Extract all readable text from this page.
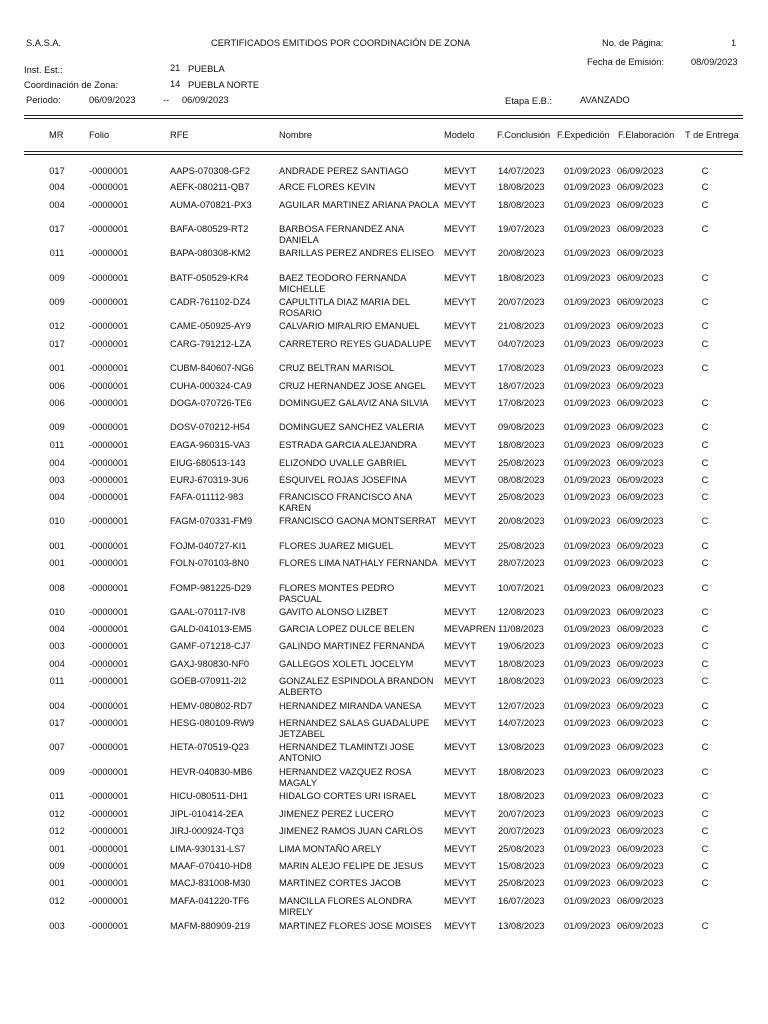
S.A.S.A.	CERTIFICADOS EMITIDOS POR COORDINACIÓN DE ZONA	No. de Página:	1
Fecha de Emisión:	08/09/2023
Inst. Est.:	21 PUEBLA
Coordinación de Zona:	14 PUEBLA NORTE
Periodo:	06/09/2023	-- 06/09/2023	Etapa E.B.:	AVANZADO
MR	Folio	RFE	Nombre	Modelo F.Conclusión F.Expedición F.Elaboración T de Entrega
017	-0000001	AAPS-070308-GF2	ANDRADE PEREZ SANTIAGO	MEVYT 14/07/2023 01/09/2023 06/09/2023	C
004	-0000001	AEFK-080211-QB7	ARCE FLORES KEVIN	MEVYT 18/08/2023 01/09/2023 06/09/2023	C
004	-0000001	AUMA-070821-PX3	AGUILAR MARTINEZ ARIANA PAOLA MEVYT 18/08/2023 01/09/2023 06/09/2023	C
017	-0000001	BAFA-080529-RT2	BARBOSA FERNANDEZ ANA DANIELA
MEVYT 19/07/2023 01/09/2023 06/09/2023	C
011	-0000001	BAPA-080308-KM2	BARILLAS PEREZ ANDRES ELISEO	MEVYT 20/08/2023 01/09/2023 06/09/2023
009	-0000001	BATF-050529-KR4	BAEZ TEODORO FERNANDA MICHELLE
MEVYT 18/08/2023 01/09/2023 06/09/2023	C
009	-0000001	CADR-761102-DZ4	CAPULTITLA DIAZ MARIA DEL ROSARIO
MEVYT 20/07/2023 01/09/2023 06/09/2023	C
012	-0000001	CAME-050925-AY9	CALVARIO MIRALRIO EMANUEL	MEVYT 21/08/2023 01/09/2023 06/09/2023	C
017	-0000001	CARG-791212-LZA	CARRETERO REYES GUADALUPE	MEVYT 04/07/2023 01/09/2023 06/09/2023	C
001	-0000001	CUBM-840607-NG6	CRUZ BELTRAN MARISOL	MEVYT 17/08/2023 01/09/2023 06/09/2023	C
006	-0000001	CUHA-000324-CA9	CRUZ HERNANDEZ JOSE ANGEL	MEVYT 18/07/2023 01/09/2023 06/09/2023
006	-0000001	DOGA-070726-TE6	DOMINGUEZ GALAVIZ ANA SILVIA	MEVYT 17/08/2023 01/09/2023 06/09/2023	C
009	-0000001	DOSV-070212-H54	DOMINGUEZ SANCHEZ VALERIA	MEVYT 09/08/2023 01/09/2023 06/09/2023	C
011	-0000001	EAGA-960315-VA3	ESTRADA GARCIA ALEJANDRA	MEVYT 18/08/2023 01/09/2023 06/09/2023	C
004	-0000001	EIUG-680513-143	ELIZONDO UVALLE GABRIEL	MEVYT 25/08/2023 01/09/2023 06/09/2023	C
003	-0000001	EURJ-670319-3U6	ESQUIVEL ROJAS JOSEFINA	MEVYT 08/08/2023 01/09/2023 06/09/2023	C
004	-0000001	FAFA-011112-983	FRANCISCO FRANCISCO ANA KAREN
MEVYT 25/08/2023 01/09/2023 06/09/2023	C
010	-0000001	FAGM-070331-FM9	FRANCISCO GAONA MONTSERRAT MEVYT 20/08/2023 01/09/2023 06/09/2023	C
001	-0000001	FOJM-040727-KI1	FLORES JUAREZ MIGUEL	MEVYT 25/08/2023 01/09/2023 06/09/2023	C
001	-0000001	FOLN-070103-8N0	FLORES LIMA NATHALY FERNANDA MEVYT 28/07/2023 01/09/2023 06/09/2023	C
008	-0000001	FOMP-981225-D29	FLORES MONTES PEDRO PASCUAL
MEVYT 10/07/2021 01/09/2023 06/09/2023	C
010	-0000001	GAAL-070117-IV8	GAVITO ALONSO LIZBET	MEVYT 12/08/2023 01/09/2023 06/09/2023	C
004	-0000001	GALD-041013-EM5	GARCIA LOPEZ DULCE BELEN	MEVAPREN 11/08/2023 01/09/2023 06/09/2023	C
003	-0000001	GAMF-071218-CJ7	GALINDO MARTINEZ FERNANDA	MEVYT 19/06/2023 01/09/2023 06/09/2023	C
004	-0000001	GAXJ-980830-NF0	GALLEGOS XOLETL JOCELYM	MEVYT 18/08/2023 01/09/2023 06/09/2023	C
011	-0000001	GOEB-070911-2I2	GONZALEZ ESPINDOLA BRANDON ALBERTO
MEVYT 18/08/2023 01/09/2023 06/09/2023	C
004	-0000001	HEMV-080802-RD7	HERNANDEZ MIRANDA VANESA	MEVYT 12/07/2023 01/09/2023 06/09/2023	C
017	-0000001	HESG-080109-RW9	HERNANDEZ SALAS GUADALUPE JETZABEL
MEVYT 14/07/2023 01/09/2023 06/09/2023	C
007	-0000001	HETA-070519-Q23	HERNANDEZ TLAMINTZI JOSE ANTONIO
MEVYT 13/08/2023 01/09/2023 06/09/2023	C
009	-0000001	HEVR-040830-MB6	HERNANDEZ VAZQUEZ ROSA MAGALY
MEVYT 18/08/2023 01/09/2023 06/09/2023	C
011	-0000001	HICU-080511-DH1	HIDALGO CORTES URI ISRAEL	MEVYT 18/08/2023 01/09/2023 06/09/2023	C
012	-0000001	JIPL-010414-2EA	JIMENEZ PEREZ LUCERO	MEVYT 20/07/2023 01/09/2023 06/09/2023	C
012	-0000001	JIRJ-000924-TQ3	JIMENEZ RAMOS JUAN CARLOS	MEVYT 20/07/2023 01/09/2023 06/09/2023	C
001	-0000001	LIMA-930131-LS7	LIMA MONTAÑO ARELY	MEVYT 25/08/2023 01/09/2023 06/09/2023	C
009	-0000001	MAAF-070410-HD8	MARIN ALEJO FELIPE DE JESUS	MEVYT 15/08/2023 01/09/2023 06/09/2023	C
001	-0000001	MACJ-831008-M30	MARTINEZ CORTES JACOB	MEVYT 25/08/2023 01/09/2023 06/09/2023	C
012	-0000001	MAFA-041220-TF6	MANCILLA FLORES ALONDRA MIRELY
MEVYT 16/07/2023 01/09/2023 06/09/2023
003	-0000001	MAFM-880909-219	MARTINEZ FLORES JOSE MOISES	MEVYT 13/08/2023 01/09/2023 06/09/2023	C
